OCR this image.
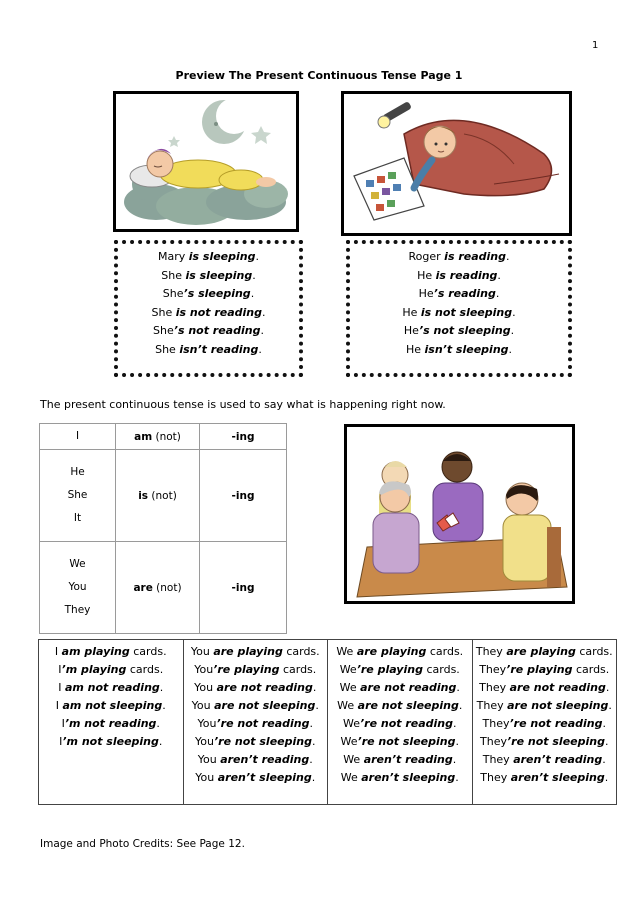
1
Preview The Present Continuous Tense Page 1
Mary is sleeping.
She is sleeping.
She’s sleeping.
She is not reading.
She’s not reading.
She isn’t reading.
Roger is reading.
He is reading.
He’s reading.
He is not sleeping.
He’s not sleeping.
He isn’t sleeping.
The present continuous tense is used to say what is happening right now.
I	am (not)	-ing

He
She
It	is (not)	-ing

We
You
They	are (not)	-ing
I am playing cards.
I’m playing cards.
I am not reading.
I am not sleeping.
I’m not reading.
I’m not sleeping.

You are playing cards.
You’re playing cards.
You are not reading.
You are not sleeping.
You’re not reading.
You’re not sleeping.
You aren’t reading.
You aren’t sleeping.

We are playing cards.
We’re playing cards.
We are not reading.
We are not sleeping.
We’re not reading.
We’re not sleeping.
We aren’t reading.
We aren’t sleeping.

They are playing cards.
They’re playing cards.
They are not reading.
They are not sleeping.
They’re not reading.
They’re not sleeping.
They aren’t reading.
They aren’t sleeping.
Image and Photo Credits: See Page 12.
